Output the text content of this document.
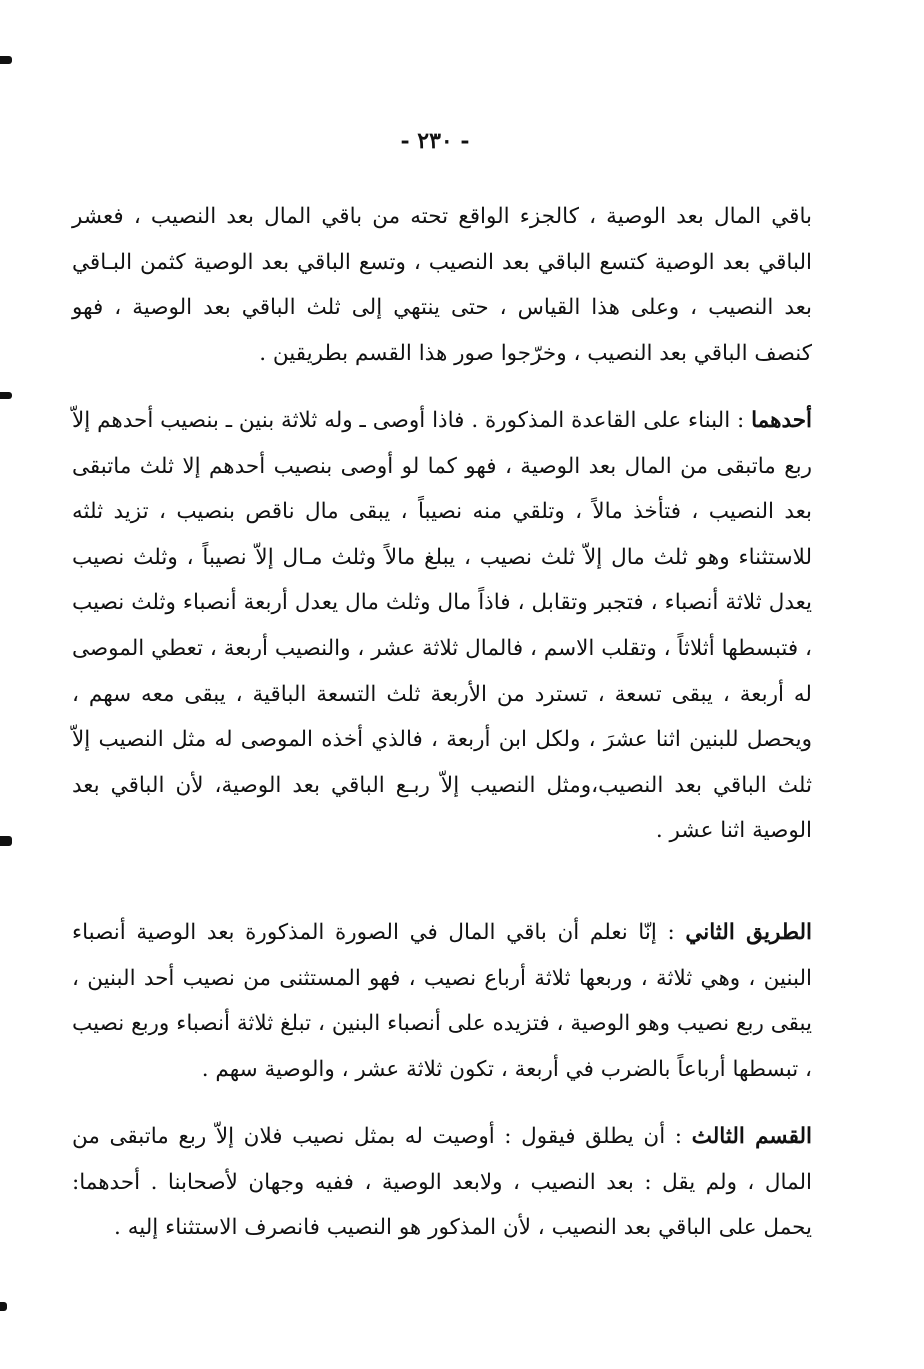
- ٢٣٠ -

باقي المال بعد الوصية ، كالجزء الواقع تحته من باقي المال بعد النصيب ، فعشر الباقي بعد الوصية كتسع الباقي بعد النصيب ، وتسع الباقي بعد الوصية كثمن البـاقي بعد النصيب ، وعلى هذا القياس ، حتى ينتهي إلى ثلث الباقي بعد الوصية ، فهو كنصف الباقي بعد النصيب ، وخرّجوا صور هذا القسم بطريقين .

أحدهما : البناء على القاعدة المذكورة . فاذا أوصى ـ وله ثلاثة بنين ـ بنصيب أحدهم إلاّ ربع ماتبقى من المال بعد الوصية ، فهو كما لو أوصى بنصيب أحدهم إلا ثلث ماتبقى بعد النصيب ، فتأخذ مالاً ، وتلقي منه نصيباً ، يبقى مال ناقص بنصيب ، تزيد ثلثه للاستثناء وهو ثلث مال إلاّ ثلث نصيب ، يبلغ مالاً وثلث مـال إلاّ نصيباً ، وثلث نصيب يعدل ثلاثة أنصباء ، فتجبر وتقابل ، فاذاً مال وثلث مال يعدل أربعة أنصباء وثلث نصيب ، فتبسطها أثلاثاً ، وتقلب الاسم ، فالمال ثلاثة عشر ، والنصيب أربعة ، تعطي الموصى له أربعة ، يبقى تسعة ، تسترد من الأربعة ثلث التسعة الباقية ، يبقى معه سهم ، ويحصل للبنين اثنا عشرَ ، ولكل ابن أربعة ، فالذي أخذه الموصى له مثل النصيب إلاّ ثلث الباقي بعد النصيب،ومثل النصيب إلاّ ربـع الباقي بعد الوصية، لأن الباقي بعد الوصية اثنا عشر .

الطريق الثاني : إنّا نعلم أن باقي المال في الصورة المذكورة بعد الوصية أنصباء البنين ، وهي ثلاثة ، وربعها ثلاثة أرباع نصيب ، فهو المستثنى من نصيب أحد البنين ، يبقى ربع نصيب وهو الوصية ، فتزيده على أنصباء البنين ، تبلغ ثلاثة أنصباء وربع نصيب ، تبسطها أرباعاً بالضرب في أربعة ، تكون ثلاثة عشر ، والوصية سهم .

القسم الثالث : أن يطلق فيقول : أوصيت له بمثل نصيب فلان إلاّ ربع ماتبقى من المال ، ولم يقل : بعد النصيب ، ولابعد الوصية ، ففيه وجهان لأصحابنا . أحدهما: يحمل على الباقي بعد النصيب ، لأن المذكور هو النصيب فانصرف الاستثناء إليه .
